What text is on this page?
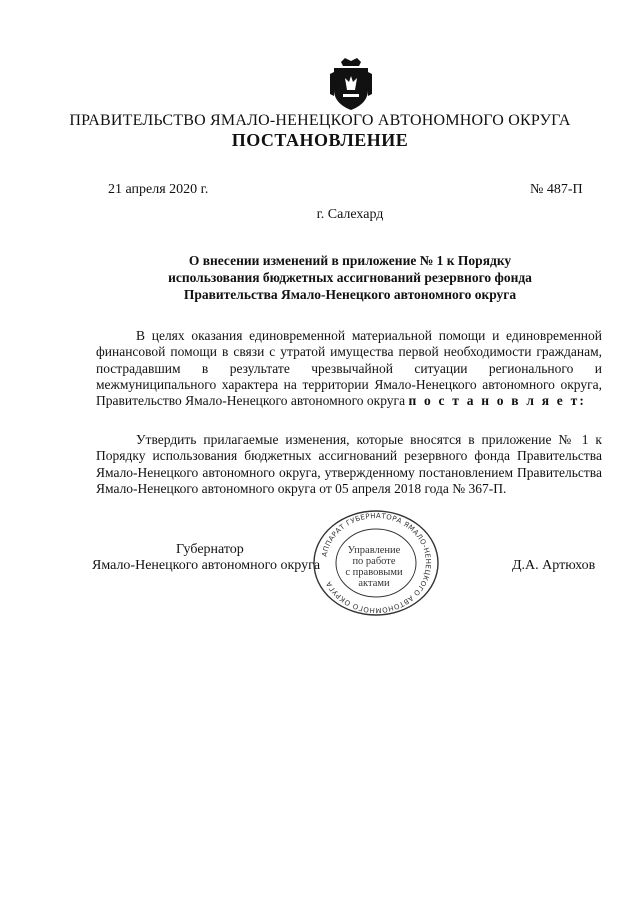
ПРАВИТЕЛЬСТВО ЯМАЛО-НЕНЕЦКОГО АВТОНОМНОГО ОКРУГА
ПОСТАНОВЛЕНИЕ
21 апреля 2020 г.	№ 487-П
г. Салехард
О внесении изменений в приложение № 1 к Порядку
использования бюджетных ассигнований резервного фонда
Правительства Ямало-Ненецкого автономного округа
В целях оказания единовременной материальной помощи и единовременной финансовой помощи в связи с утратой имущества первой необходимости гражданам, пострадавшим в результате чрезвычайной ситуации регионального и межмуниципального характера на территории Ямало-Ненецкого автономного округа, Правительство Ямало-Ненецкого автономного округа п о с т а н о в л я е т:
Утвердить прилагаемые изменения, которые вносятся в приложение № 1 к Порядку использования бюджетных ассигнований резервного фонда Правительства Ямало-Ненецкого автономного округа, утвержденному постановлением Правительства Ямало-Ненецкого автономного округа от 05 апреля 2018 года № 367-П.
Губернатор
Ямало-Ненецкого автономного округа	Д.А. Артюхов
АППАРАТ ГУБЕРНАТОРА ЯМАЛО-НЕНЕЦКОГО АВТОНОМНОГО ОКРУГА
Управление
по работе
с правовыми
актами
